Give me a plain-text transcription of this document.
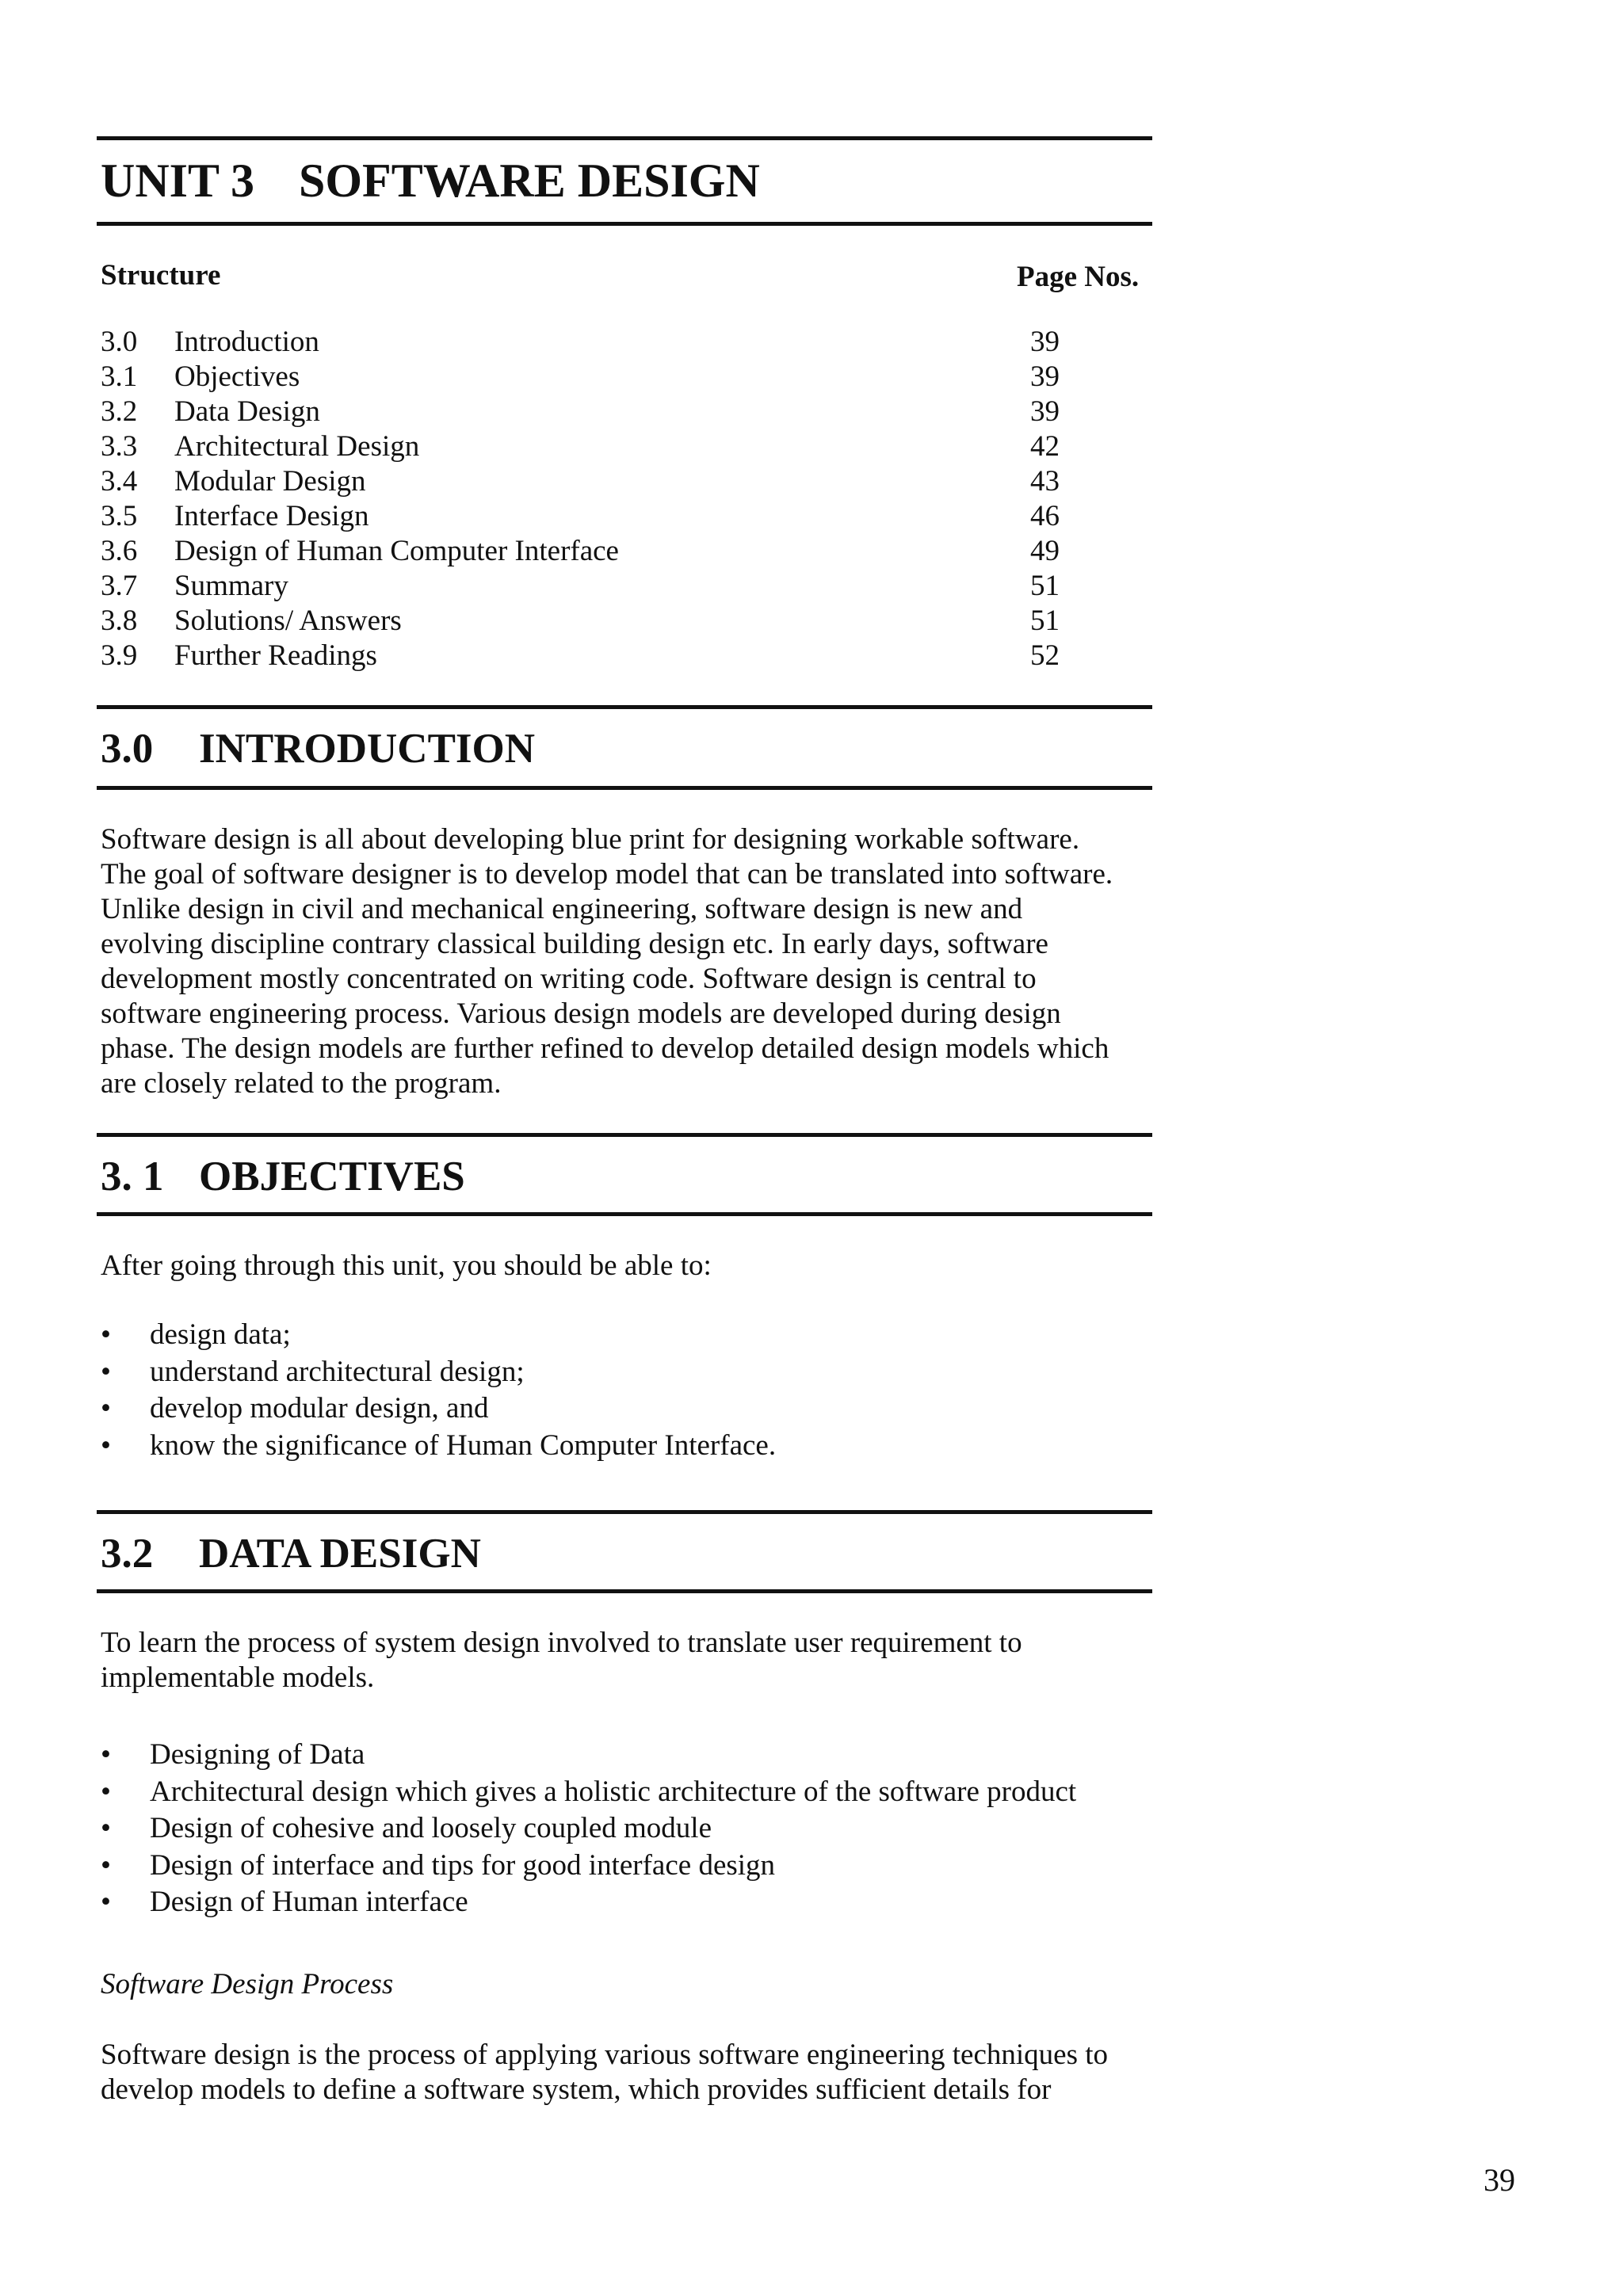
UNIT 3 SOFTWARE DESIGN
Structure	Page Nos.
3.0 Introduction	39
3.1 Objectives	39
3.2 Data Design	39
3.3 Architectural Design	42
3.4 Modular Design	43
3.5 Interface Design	46
3.6 Design of Human Computer Interface	49
3.7 Summary	51
3.8 Solutions/ Answers	51
3.9 Further Readings	52
3.0 INTRODUCTION
Software design is all about developing blue print for designing workable software.
The goal of software designer is to develop model that can be translated into software.
Unlike design in civil and mechanical engineering, software design is new and
evolving discipline contrary classical building design etc. In early days, software
development mostly concentrated on writing code. Software design is central to
software engineering process. Various design models are developed during design
phase. The design models are further refined to develop detailed design models which
are closely related to the program.
3. 1 OBJECTIVES
After going through this unit, you should be able to:
• design data;
• understand architectural design;
• develop modular design, and
• know the significance of Human Computer Interface.
3.2 DATA DESIGN
To learn the process of system design involved to translate user requirement to
implementable models.
• Designing of Data
• Architectural design which gives a holistic architecture of the software product
• Design of cohesive and loosely coupled module
• Design of interface and tips for good interface design
• Design of Human interface
Software Design Process
Software design is the process of applying various software engineering techniques to
develop models to define a software system, which provides sufficient details for
39
